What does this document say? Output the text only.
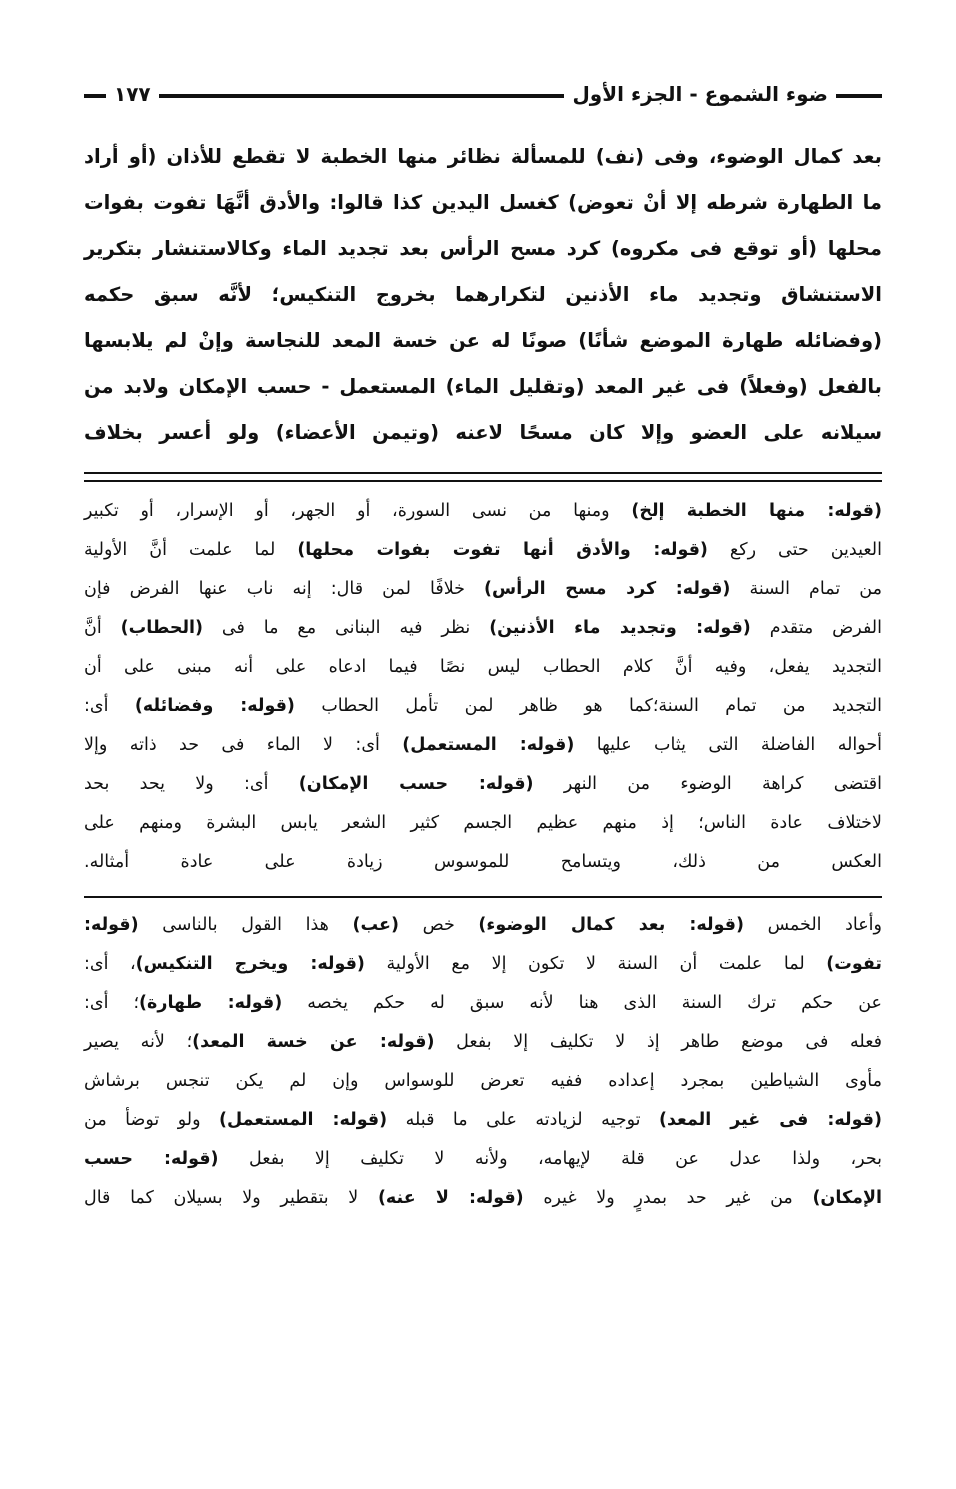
١٧٧	ضوء الشموع - الجزء الأول

بعد كمال الوضوء، وفى (نف) للمسألة نظائر منها الخطبة لا تقطع للأذان (أو أراد

ما الطهارة شرطه إلا أنْ تعوض) كغسل اليدين كذا قالوا: والأدق أنَّهَا تفوت بفوات

محلها (أو توقع فى مكروه) كرد مسح الرأس بعد تجديد الماء وكالاستنشار بتكرير

الاستنشاق وتجديد ماء الأذنين لتكرارهما بخروج التنكيس؛ لأنَّه سبق حكمه

(وفضائله طهارة الموضع شأنًا) صونًا له عن خسة المعد للنجاسة وإنْ لم يلابسها

بالفعل (وفعلاً) فى غير المعد (وتقليل الماء) المستعمل - حسب الإمكان ولابد من

سيلانه على العضو وإلا كان مسحًا لاعنه (وتيمن الأعضاء) ولو أعسر بخلاف

(قوله: منها الخطبة إلخ) ومنها من نسى السورة، أو الجهر، أو الإسرار، أو تكبير

العيدين حتى ركع (قوله: والأدق أنها تفوت بفوات محلها) لما علمت أنَّ الأولية

من تمام السنة (قوله: كرد مسح الرأس) خلافًا لمن قال: إنه ناب عنها الفرض فإن

الفرض متقدم (قوله: وتجديد ماء الأذنين) نظر فيه البنانى مع ما فى (الحطاب) أنَّ

التجديد يفعل، وفيه أنَّ كلام الحطاب ليس نصًا فيما ادعاه على أنه مبنى على أن

التجديد من تمام السنة؛كما هو ظاهر لمن تأمل الحطاب (قوله: وفضائله) أى:

أحواله الفاضلة التى يثاب عليها (قوله: المستعمل) أى: لا الماء فى حد ذاته وإلا

اقتضى كراهة الوضوء من النهر (قوله: حسب الإمكان) أى: ولا يحد بحد

لاختلاف عادة الناس؛ إذ منهم عظيم الجسم كثير الشعر يابس البشرة ومنهم على

العكس من ذلك، ويتسامح للموسوس زيادة على عادة أمثاله.

وأعاد الخمس (قوله: بعد كمال الوضوء) خص (عب) هذا القول بالناسى (قوله:

تفوت) لما علمت أن السنة لا تكون إلا مع الأولية (قوله: ويخرج التنكيس)، أى:

عن حكم ترك السنة الذى هنا لأنه سبق له حكم يخصه (قوله: طهارة)؛ أى:

فعله فى موضع طاهر إذ لا تكليف إلا بفعل (قوله: عن خسة المعد)؛ لأنه يصير

مأوى الشياطين بمجرد إعداده ففيه تعرض للوسواس وإن لم يكن تنجس برشاش

(قوله: فى غير المعد) توجيه لزيادته على ما قبله (قوله: المستعمل) ولو توضأ من

بحر، ولذا عدل عن قلة لإيهامه، ولأنه لا تكليف إلا بفعل (قوله: حسب

الإمكان) من غير حد بمدرٍ ولا غيره (قوله: لا عنه) لا بتقطير ولا بسيلان كما قال
